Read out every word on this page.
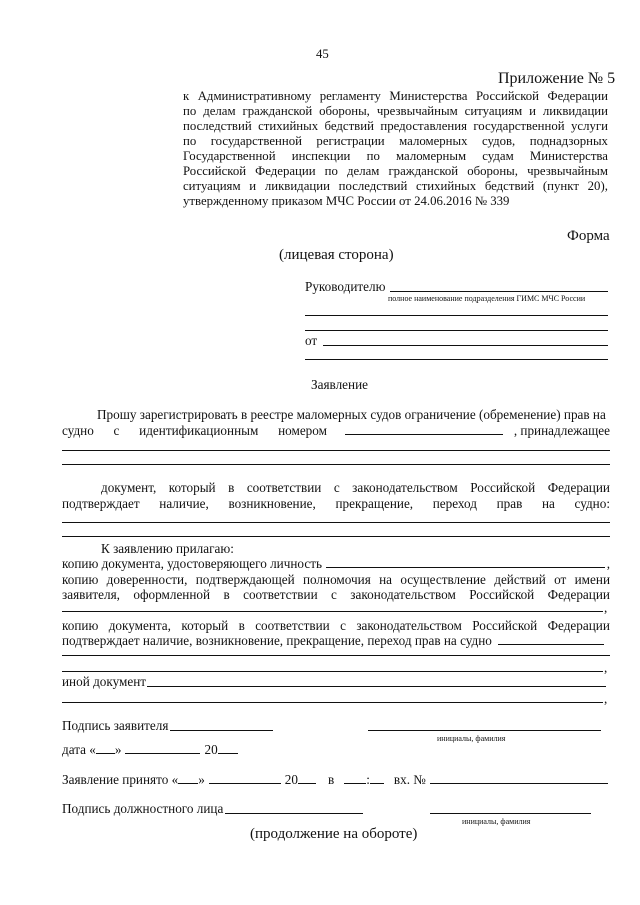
45
Приложение № 5
к Административному регламенту Министерства Российской Федерации
по делам гражданской обороны, чрезвычайным ситуациям и ликвидации
последствий стихийных бедствий предоставления государственной услуги
по государственной регистрации маломерных судов, поднадзорных
Государственной инспекции по маломерным судам Министерства
Российской Федерации по делам гражданской обороны, чрезвычайным
ситуациям и ликвидации последствий стихийных бедствий (пункт 20),
утвержденному приказом МЧС России от 24.06.2016 № 339
Форма
(лицевая сторона)
Руководителю
полное наименование подразделения ГИМС МЧС России
от
Заявление
Прошу зарегистрировать в реестре маломерных судов ограничение (обременение) прав на
судно с идентификационным номером	, принадлежащее
документ, который в соответствии с законодательством Российской Федерации
подтверждает наличие, возникновение, прекращение, переход прав на судно:
К заявлению прилагаю:
копию документа, удостоверяющего личность	,
копию доверенности, подтверждающей полномочия на осуществление действий от имени
заявителя, оформленной в соответствии с законодательством Российской Федерации
,
копию документа, который в соответствии с законодательством Российской Федерации
подтверждает наличие, возникновение, прекращение, переход прав на судно
,
иной документ
,
Подпись заявителя
инициалы, фамилия
дата « »	20
Заявление принято « »	20 в : вх. №
Подпись должностного лица
инициалы, фамилия
(продолжение на обороте)
